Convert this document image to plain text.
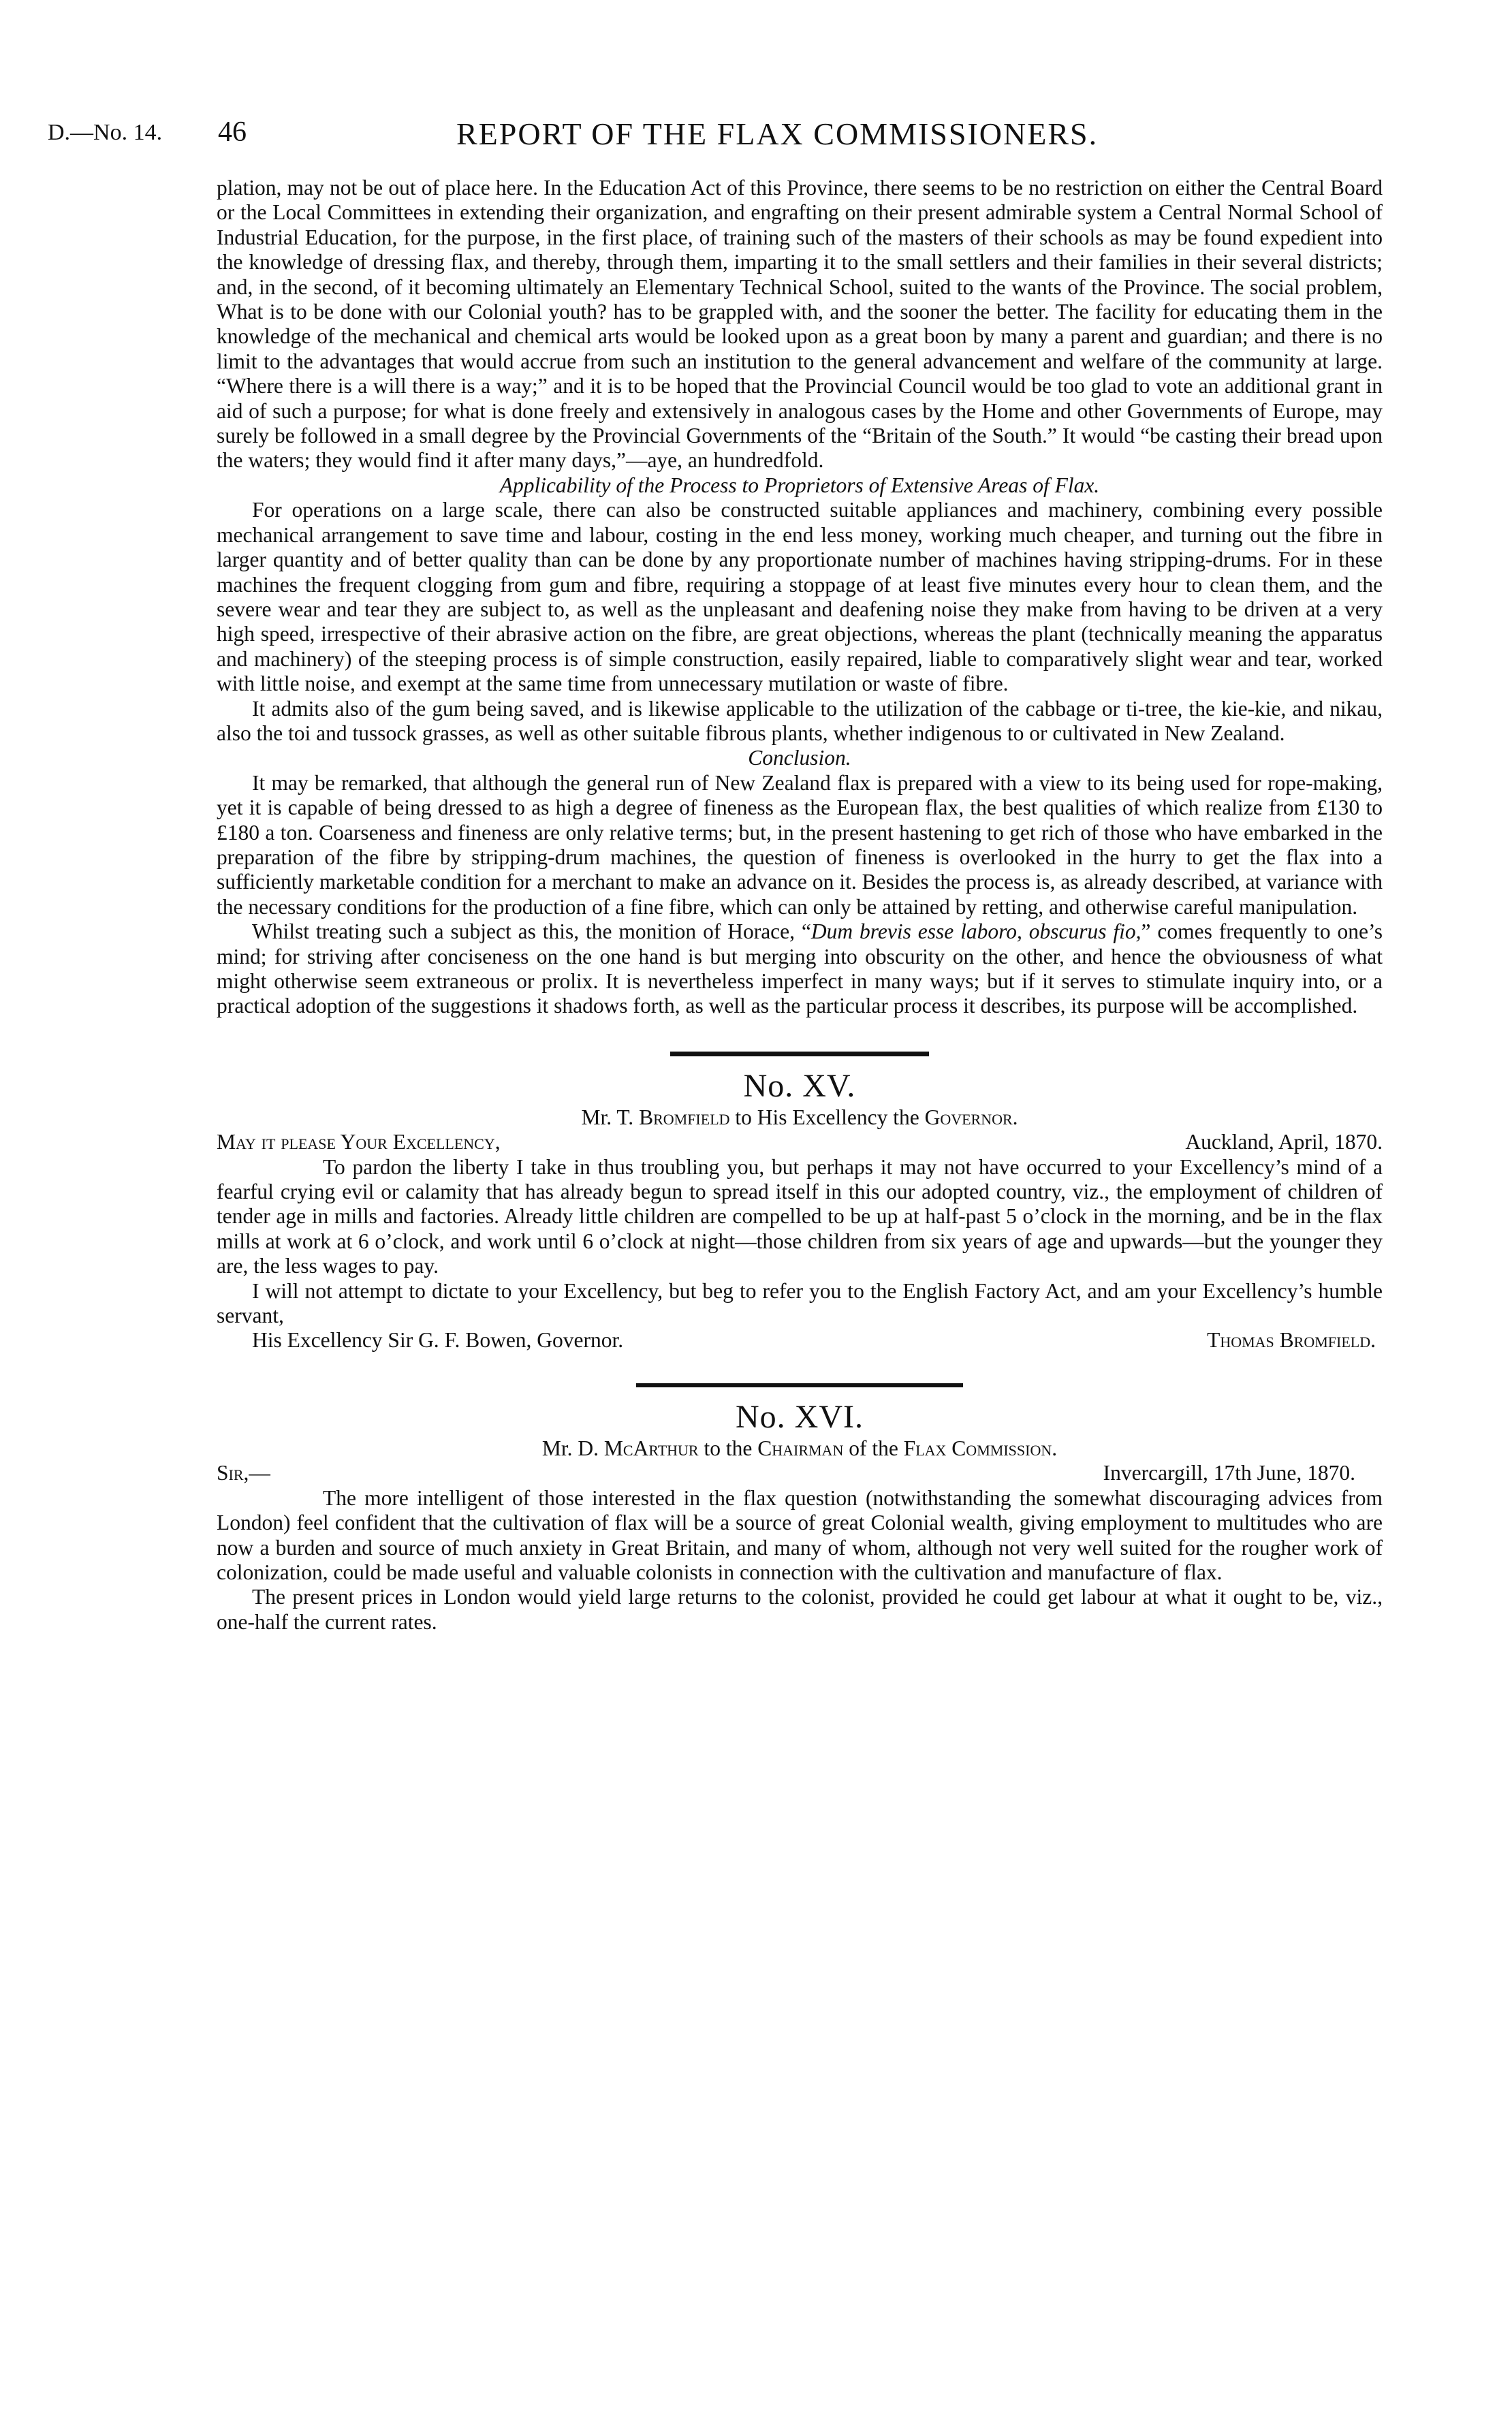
D.—No. 14. 46	REPORT OF THE FLAX COMMISSIONERS.

plation, may not be out of place here. In the Education Act of this Province, there seems to be no restriction on either the Central Board or the Local Committees in extending their organization, and engrafting on their present admirable system a Central Normal School of Industrial Education, for the purpose, in the first place, of training such of the masters of their schools as may be found expedient into the knowledge of dressing flax, and thereby, through them, imparting it to the small settlers and their families in their several districts; and, in the second, of it becoming ultimately an Elementary Technical School, suited to the wants of the Province. The social problem, What is to be done with our Colonial youth? has to be grappled with, and the sooner the better. The facility for educating them in the knowledge of the mechanical and chemical arts would be looked upon as a great boon by many a parent and guardian; and there is no limit to the advantages that would accrue from such an institution to the general advancement and welfare of the community at large. “Where there is a will there is a way;” and it is to be hoped that the Provincial Council would be too glad to vote an additional grant in aid of such a purpose; for what is done freely and extensively in analogous cases by the Home and other Governments of Europe, may surely be followed in a small degree by the Provincial Governments of the “Britain of the South.” It would “be casting their bread upon the waters; they would find it after many days,”—aye, an hundredfold.

Applicability of the Process to Proprietors of Extensive Areas of Flax.

For operations on a large scale, there can also be constructed suitable appliances and machinery, combining every possible mechanical arrangement to save time and labour, costing in the end less money, working much cheaper, and turning out the fibre in larger quantity and of better quality than can be done by any proportionate number of machines having stripping-drums. For in these machines the frequent clogging from gum and fibre, requiring a stoppage of at least five minutes every hour to clean them, and the severe wear and tear they are subject to, as well as the unpleasant and deafening noise they make from having to be driven at a very high speed, irrespective of their abrasive action on the fibre, are great objections, whereas the plant (technically meaning the apparatus and machinery) of the steeping process is of simple construction, easily repaired, liable to comparatively slight wear and tear, worked with little noise, and exempt at the same time from unnecessary mutilation or waste of fibre.

It admits also of the gum being saved, and is likewise applicable to the utilization of the cabbage or ti-tree, the kie-kie, and nikau, also the toi and tussock grasses, as well as other suitable fibrous plants, whether indigenous to or cultivated in New Zealand.

Conclusion.

It may be remarked, that although the general run of New Zealand flax is prepared with a view to its being used for rope-making, yet it is capable of being dressed to as high a degree of fineness as the European flax, the best qualities of which realize from £130 to £180 a ton. Coarseness and fineness are only relative terms; but, in the present hastening to get rich of those who have embarked in the preparation of the fibre by stripping-drum machines, the question of fineness is overlooked in the hurry to get the flax into a sufficiently marketable condition for a merchant to make an advance on it. Besides the process is, as already described, at variance with the necessary conditions for the production of a fine fibre, which can only be attained by retting, and otherwise careful manipulation.

Whilst treating such a subject as this, the monition of Horace, “Dum brevis esse laboro, obscurus fio,” comes frequently to one’s mind; for striving after conciseness on the one hand is but merging into obscurity on the other, and hence the obviousness of what might otherwise seem extraneous or prolix. It is nevertheless imperfect in many ways; but if it serves to stimulate inquiry into, or a practical adoption of the suggestions it shadows forth, as well as the particular process it describes, its purpose will be accomplished.

No. XV.
Mr. T. Bromfield to His Excellency the Governor.
May it please Your Excellency,	Auckland, April, 1870.

To pardon the liberty I take in thus troubling you, but perhaps it may not have occurred to your Excellency’s mind of a fearful crying evil or calamity that has already begun to spread itself in this our adopted country, viz., the employment of children of tender age in mills and factories. Already little children are compelled to be up at half-past 5 o’clock in the morning, and be in the flax mills at work at 6 o’clock, and work until 6 o’clock at night—those children from six years of age and upwards—but the younger they are, the less wages to pay.

I will not attempt to dictate to your Excellency, but beg to refer you to the English Factory Act, and am your Excellency’s humble servant,

His Excellency Sir G. F. Bowen, Governor.	Thomas Bromfield.
No. XVI.
Mr. D. McArthur to the Chairman of the Flax Commission.
Sir,—	Invercargill, 17th June, 1870.

The more intelligent of those interested in the flax question (notwithstanding the somewhat discouraging advices from London) feel confident that the cultivation of flax will be a source of great Colonial wealth, giving employment to multitudes who are now a burden and source of much anxiety in Great Britain, and many of whom, although not very well suited for the rougher work of colonization, could be made useful and valuable colonists in connection with the cultivation and manufacture of flax.

The present prices in London would yield large returns to the colonist, provided he could get labour at what it ought to be, viz., one-half the current rates.
